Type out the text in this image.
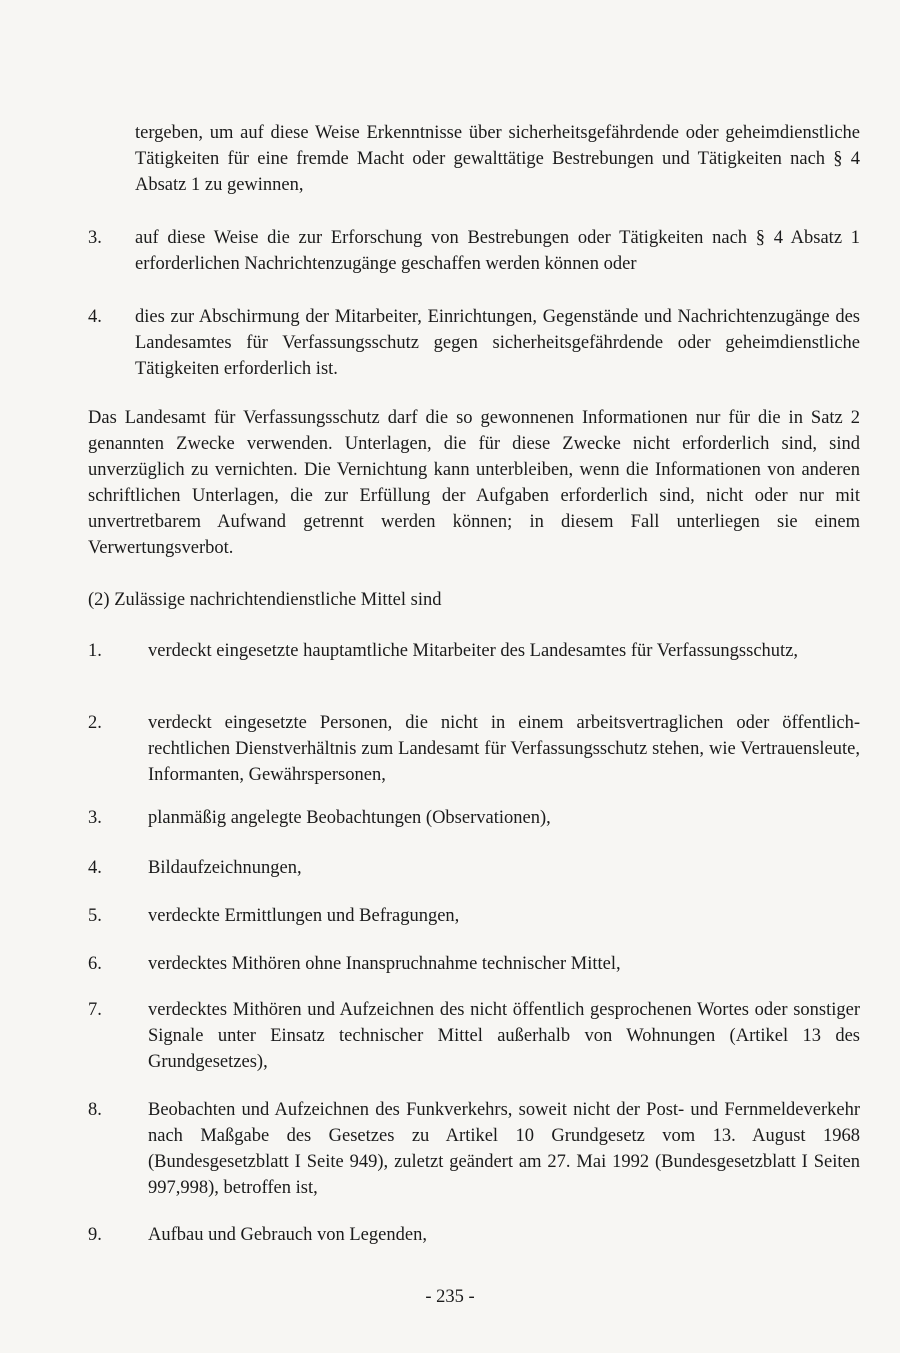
tergeben, um auf diese Weise Erkenntnisse über sicherheitsgefährdende oder geheimdienstliche Tätigkeiten für eine fremde Macht oder gewalttätige Bestrebungen und Tätigkeiten nach § 4 Absatz 1 zu gewinnen,
3. auf diese Weise die zur Erforschung von Bestrebungen oder Tätigkeiten nach § 4 Absatz 1 erforderlichen Nachrichtenzugänge geschaffen werden können oder
4. dies zur Abschirmung der Mitarbeiter, Einrichtungen, Gegenstände und Nachrichtenzugänge des Landesamtes für Verfassungsschutz gegen sicherheitsgefährdende oder geheimdienstliche Tätigkeiten erforderlich ist.
Das Landesamt für Verfassungsschutz darf die so gewonnenen Informationen nur für die in Satz 2 genannten Zwecke verwenden. Unterlagen, die für diese Zwecke nicht erforderlich sind, sind unverzüglich zu vernichten. Die Vernichtung kann unterbleiben, wenn die Informationen von anderen schriftlichen Unterlagen, die zur Erfüllung der Aufgaben erforderlich sind, nicht oder nur mit unvertretbarem Aufwand getrennt werden können; in diesem Fall unterliegen sie einem Verwertungsverbot.
(2) Zulässige nachrichtendienstliche Mittel sind
1. verdeckt eingesetzte hauptamtliche Mitarbeiter des Landesamtes für Verfassungsschutz,
2. verdeckt eingesetzte Personen, die nicht in einem arbeitsvertraglichen oder öffentlich-rechtlichen Dienstverhältnis zum Landesamt für Verfassungsschutz stehen, wie Vertrauensleute, Informanten, Gewährspersonen,
3. planmäßig angelegte Beobachtungen (Observationen),
4. Bildaufzeichnungen,
5. verdeckte Ermittlungen und Befragungen,
6. verdecktes Mithören ohne Inanspruchnahme technischer Mittel,
7. verdecktes Mithören und Aufzeichnen des nicht öffentlich gesprochenen Wortes oder sonstiger Signale unter Einsatz technischer Mittel außerhalb von Wohnungen (Artikel 13 des Grundgesetzes),
8. Beobachten und Aufzeichnen des Funkverkehrs, soweit nicht der Post- und Fernmeldeverkehr nach Maßgabe des Gesetzes zu Artikel 10 Grundgesetz vom 13. August 1968 (Bundesgesetzblatt I Seite 949), zuletzt geändert am 27. Mai 1992 (Bundesgesetzblatt I Seiten 997,998), betroffen ist,
9. Aufbau und Gebrauch von Legenden,
- 235 -
